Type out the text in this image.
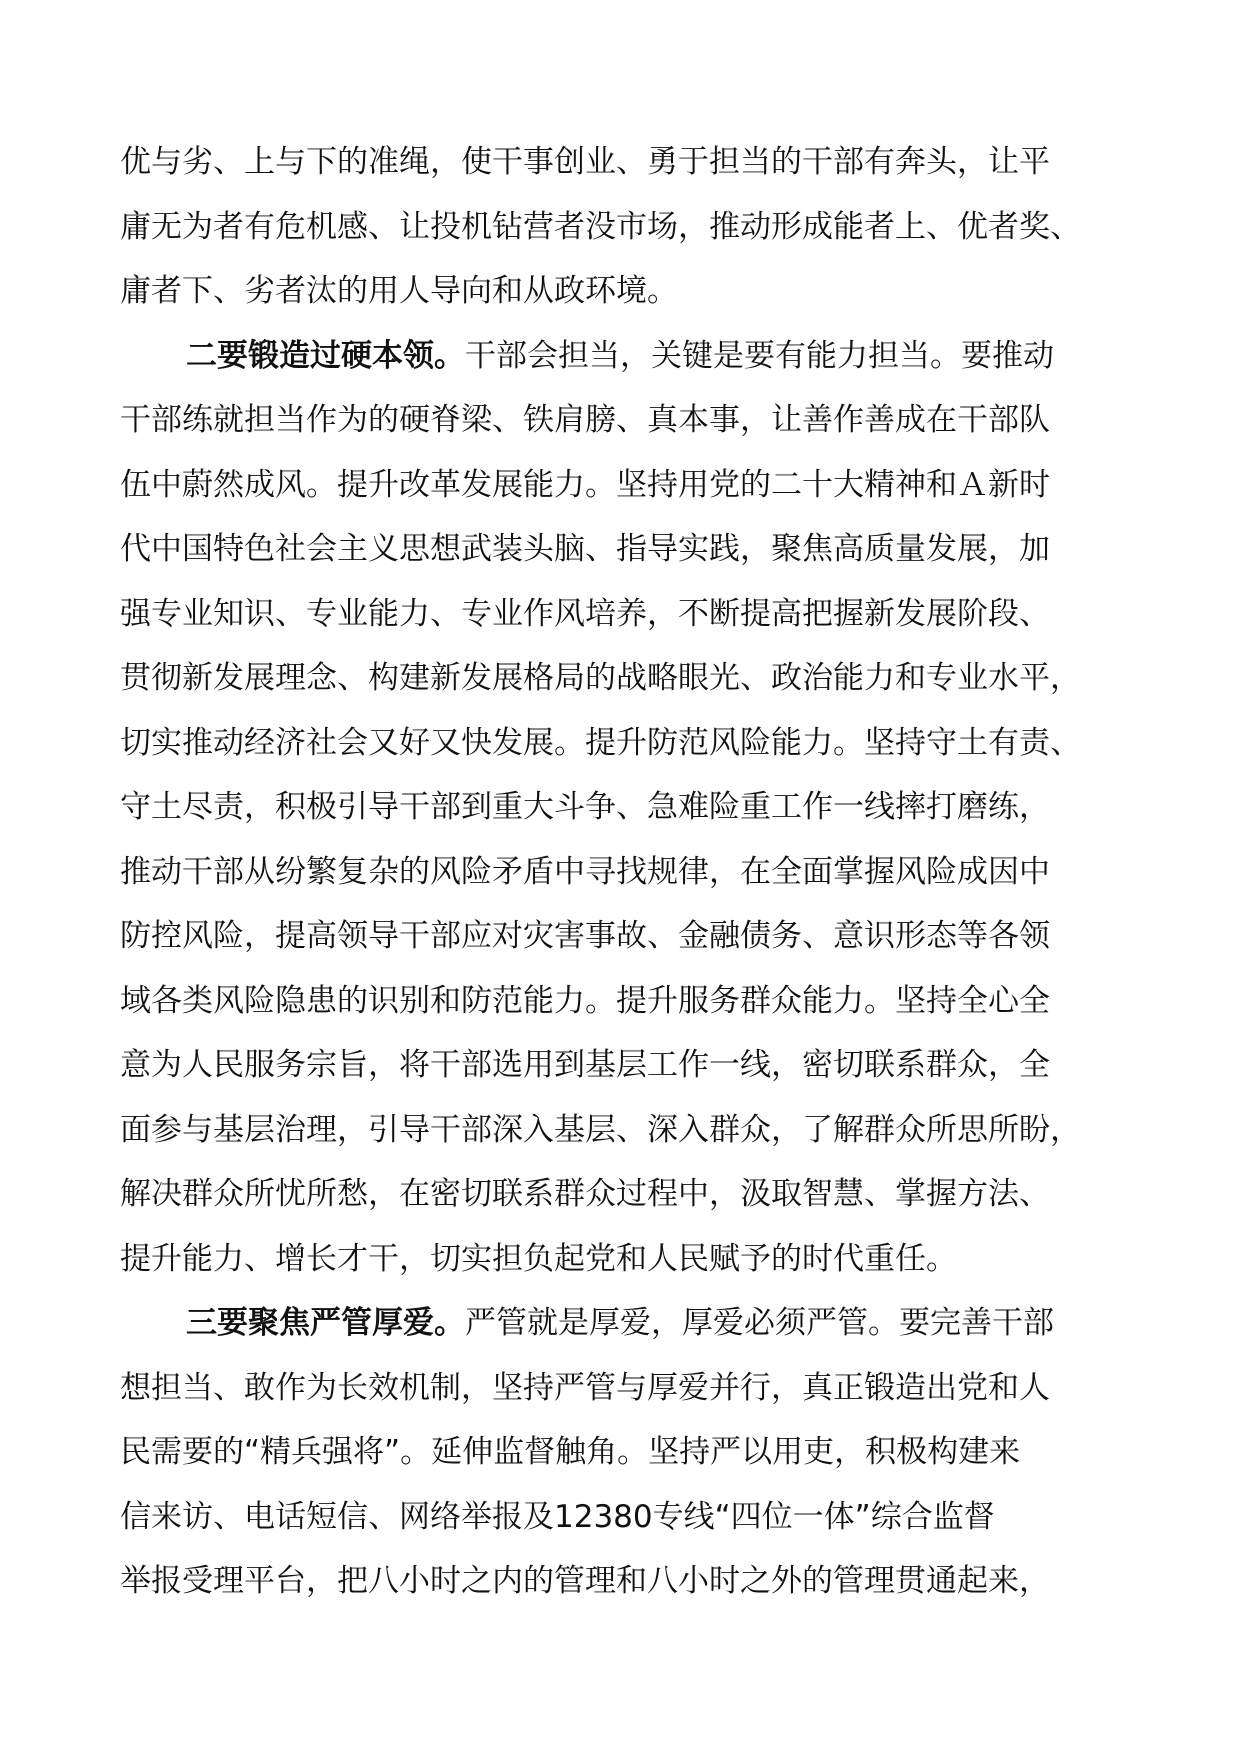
优与劣、上与下的准绳，使干事创业、勇于担当的干部有奔头，让平
庸无为者有危机感、让投机钻营者没市场，推动形成能者上、优者奖、
庸者下、劣者汰的用人导向和从政环境。
二要锻造过硬本领。干部会担当，关键是要有能力担当。要推动
干部练就担当作为的硬脊梁、铁肩膀、真本事，让善作善成在干部队
伍中蔚然成风。提升改革发展能力。坚持用党的二十大精神和Ａ新时
代中国特色社会主义思想武装头脑、指导实践，聚焦高质量发展，加
强专业知识、专业能力、专业作风培养，不断提高把握新发展阶段、
贯彻新发展理念、构建新发展格局的战略眼光、政治能力和专业水平，
切实推动经济社会又好又快发展。提升防范风险能力。坚持守土有责、
守土尽责，积极引导干部到重大斗争、急难险重工作一线摔打磨练，
推动干部从纷繁复杂的风险矛盾中寻找规律，在全面掌握风险成因中
防控风险，提高领导干部应对灾害事故、金融债务、意识形态等各领
域各类风险隐患的识别和防范能力。提升服务群众能力。坚持全心全
意为人民服务宗旨，将干部选用到基层工作一线，密切联系群众，全
面参与基层治理，引导干部深入基层、深入群众，了解群众所思所盼，
解决群众所忧所愁，在密切联系群众过程中，汲取智慧、掌握方法、
提升能力、增长才干，切实担负起党和人民赋予的时代重任。
三要聚焦严管厚爱。严管就是厚爱，厚爱必须严管。要完善干部
想担当、敢作为长效机制，坚持严管与厚爱并行，真正锻造出党和人
民需要的“精兵强将”。延伸监督触角。坚持严以用吏，积极构建来
信来访、电话短信、网络举报及12380专线“四位一体”综合监督
举报受理平台，把八小时之内的管理和八小时之外的管理贯通起来，
